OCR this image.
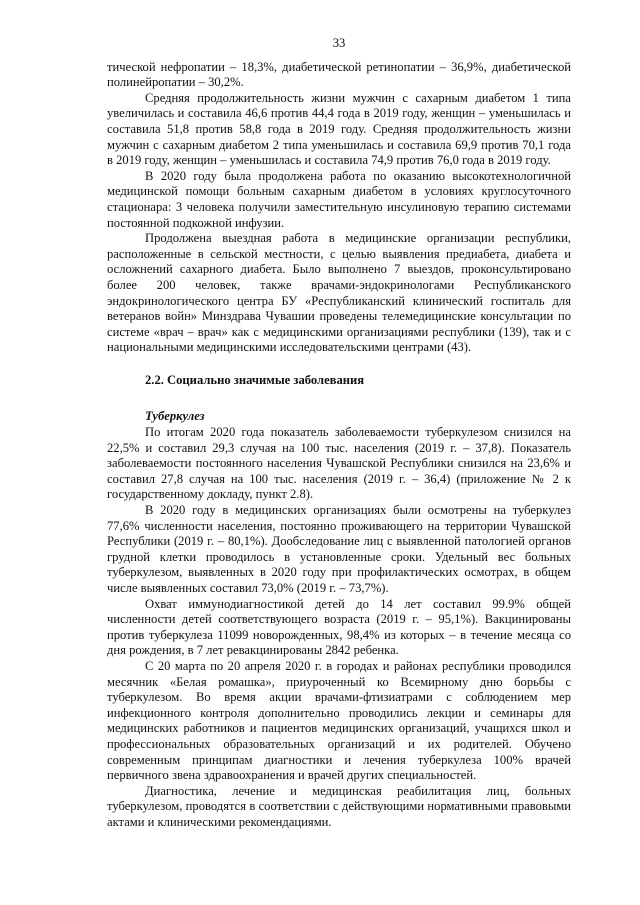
33

тической нефропатии – 18,3%, диабетической ретинопатии – 36,9%, диабетической полинейропатии – 30,2%.

Средняя продолжительность жизни мужчин с сахарным диабетом 1 типа увеличилась и составила 46,6 против 44,4 года в 2019 году, женщин – уменьшилась и составила 51,8 против 58,8 года в 2019 году. Средняя продолжительность жизни мужчин с сахарным диабетом 2 типа уменьшилась и составила 69,9 против 70,1 года в 2019 году, женщин – уменьшилась и составила 74,9 против 76,0 года в 2019 году.

В 2020 году была продолжена работа по оказанию высокотехнологичной медицинской помощи больным сахарным диабетом в условиях круглосуточного стационара: 3 человека получили заместительную инсулиновую терапию системами постоянной подкожной инфузии.

Продолжена выездная работа в медицинские организации республики, расположенные в сельской местности, с целью выявления предиабета, диабета и осложнений сахарного диабета. Было выполнено 7 выездов, проконсультировано более 200 человек, также врачами-эндокринологами Республиканского эндокринологического центра БУ «Республиканский клинический госпиталь для ветеранов войн» Минздрава Чувашии проведены телемедицинские консультации по системе «врач – врач» как с медицинскими организациями республики (139), так и с национальными медицинскими исследовательскими центрами (43).

2.2. Социально значимые заболевания
Туберкулез

По итогам 2020 года показатель заболеваемости туберкулезом снизился на 22,5% и составил 29,3 случая на 100 тыс. населения (2019 г. – 37,8). Показатель заболеваемости постоянного населения Чувашской Республики снизился на 23,6% и составил 27,8 случая на 100 тыс. населения (2019 г. – 36,4) (приложение № 2 к государственному докладу, пункт 2.8).

В 2020 году в медицинских организациях были осмотрены на туберкулез 77,6% численности населения, постоянно проживающего на территории Чувашской Республики (2019 г. – 80,1%). Дообследование лиц с выявленной патологией органов грудной клетки проводилось в установленные сроки. Удельный вес больных туберкулезом, выявленных в 2020 году при профилактических осмотрах, в общем числе выявленных составил 73,0% (2019 г. – 73,7%).

Охват иммунодиагностикой детей до 14 лет составил 99.9% общей численности детей соответствующего возраста (2019 г. – 95,1%). Вакцинированы против туберкулеза 11099 новорожденных, 98,4% из которых – в течение месяца со дня рождения, в 7 лет ревакцинированы 2842 ребенка.

С 20 марта по 20 апреля 2020 г. в городах и районах республики проводился месячник «Белая ромашка», приуроченный ко Всемирному дню борьбы с туберкулезом. Во время акции врачами-фтизиатрами с соблюдением мер инфекционного контроля дополнительно проводились лекции и семинары для медицинских работников и пациентов медицинских организаций, учащихся школ и профессиональных образовательных организаций и их родителей. Обучено современным принципам диагностики и лечения туберкулеза 100% врачей первичного звена здравоохранения и врачей других специальностей.

Диагностика, лечение и медицинская реабилитация лиц, больных туберкулезом, проводятся в соответствии с действующими нормативными правовыми актами и клиническими рекомендациями.
